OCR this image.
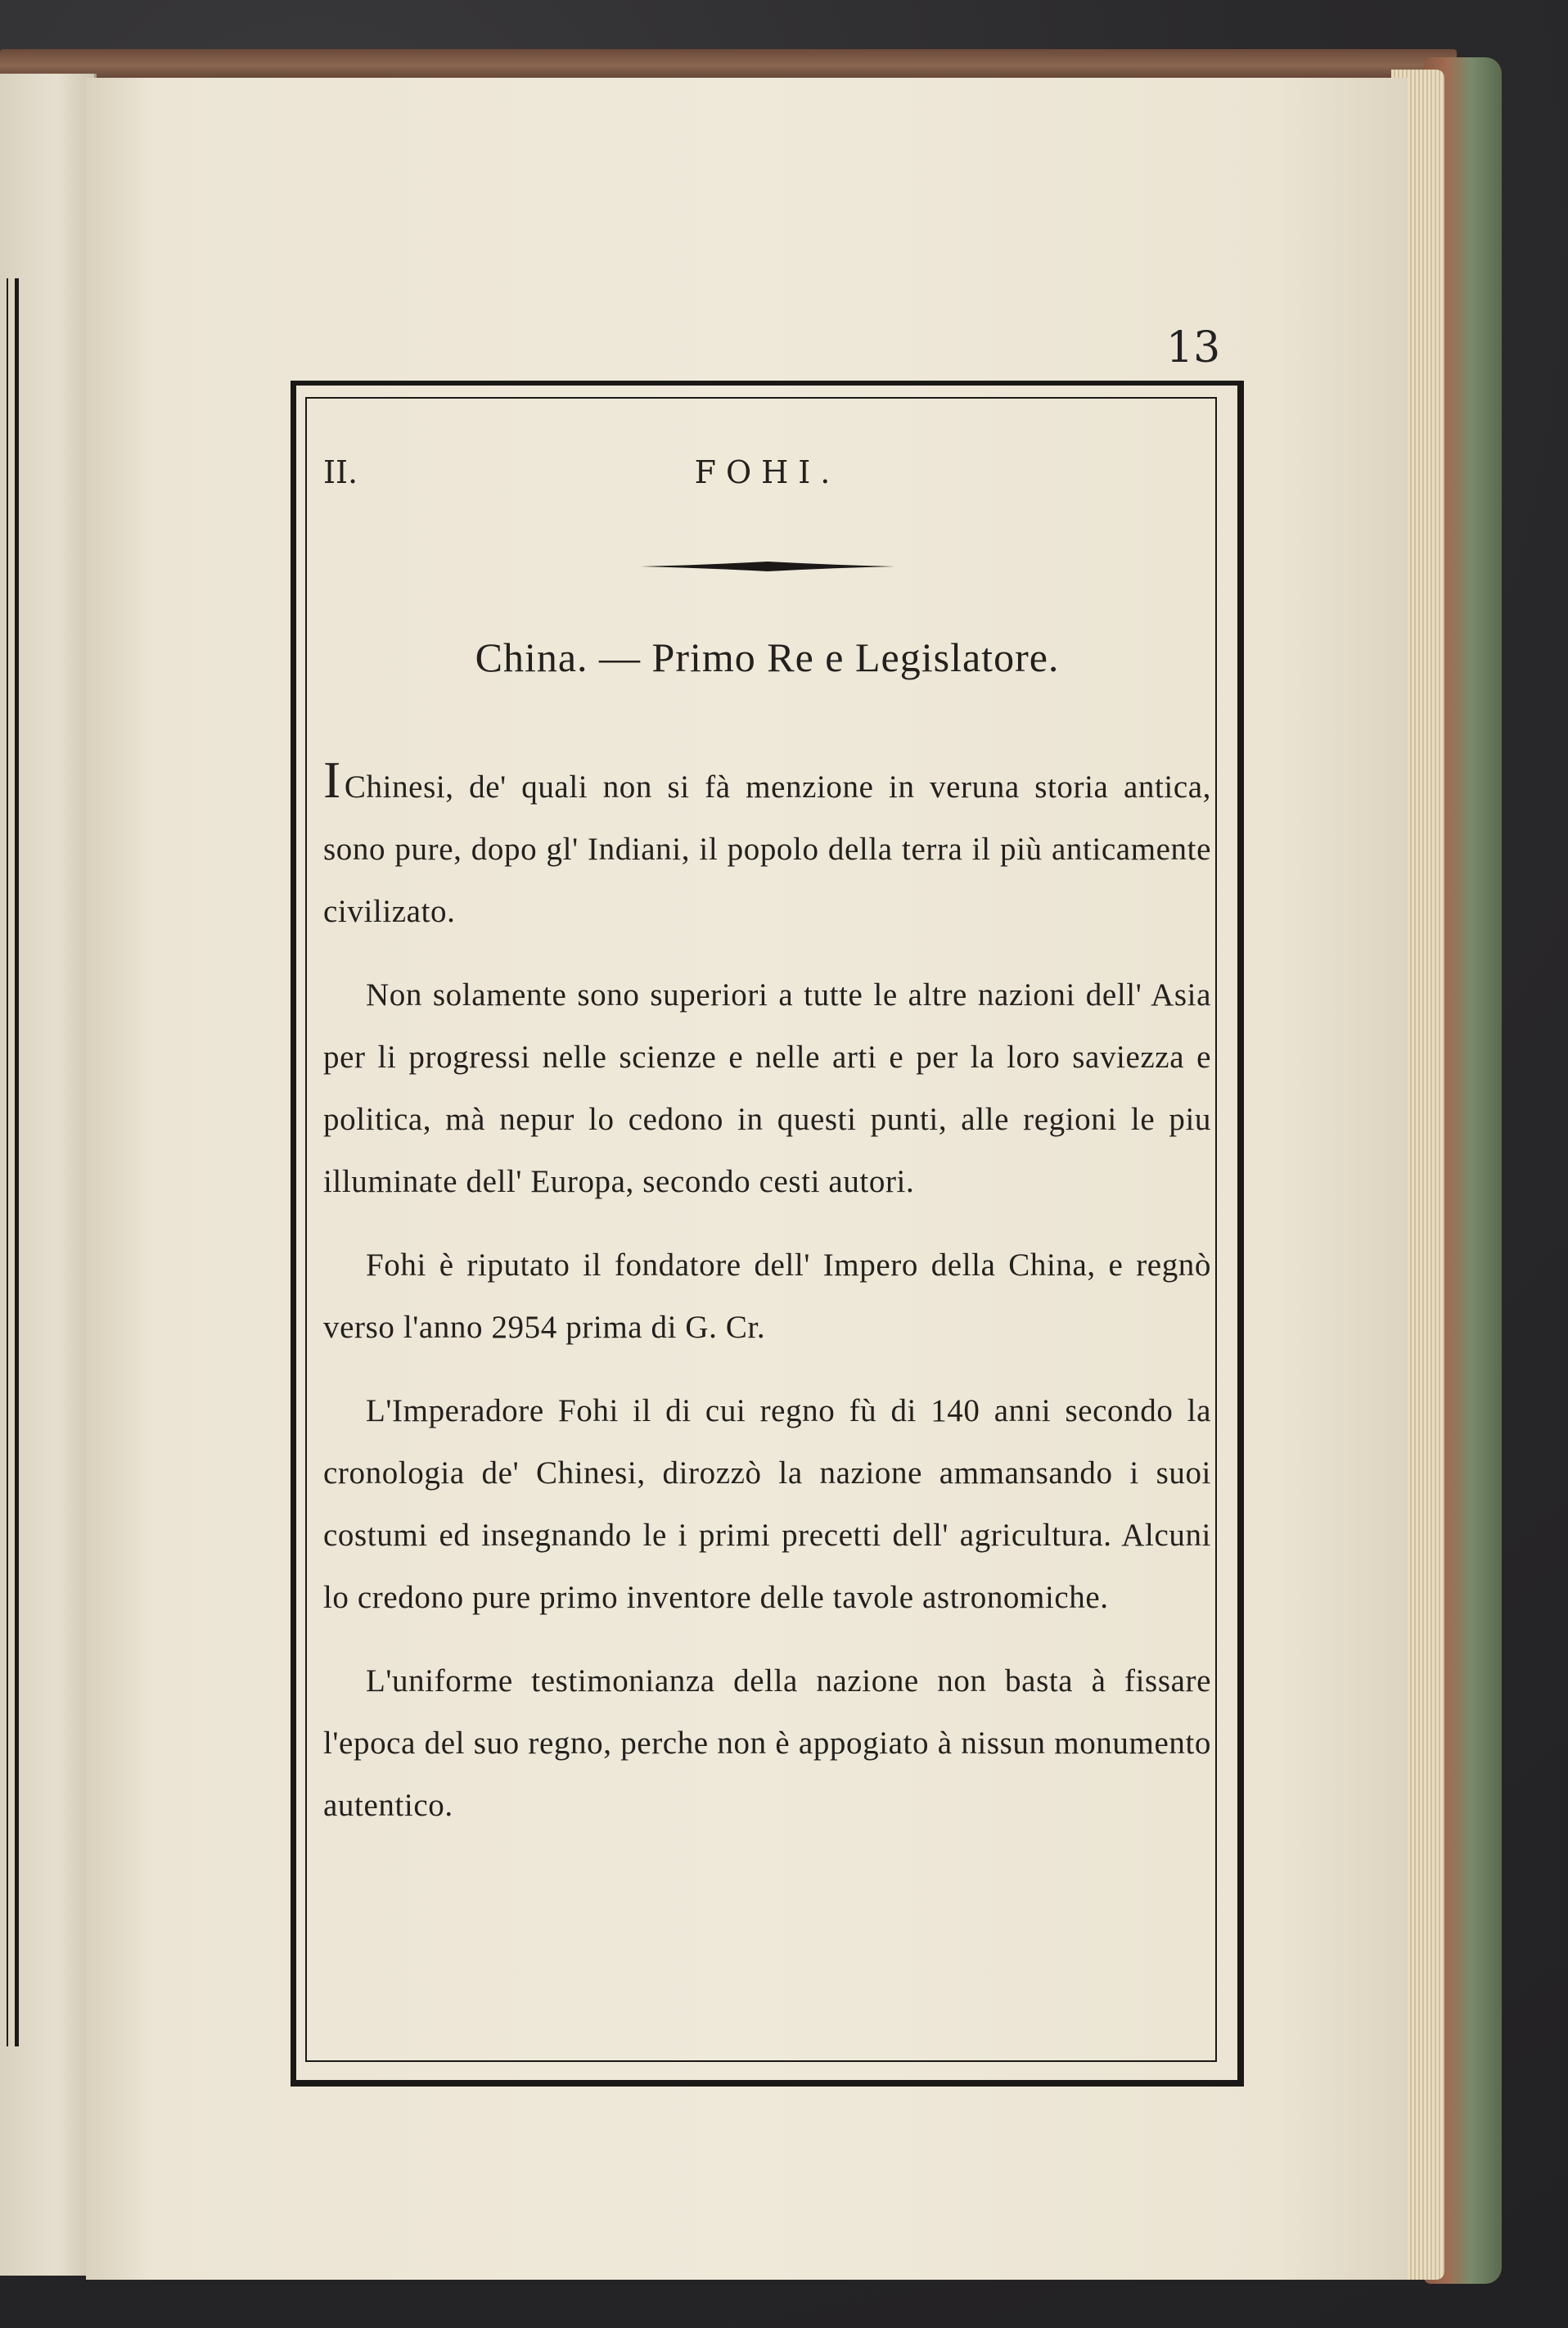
13
II.	FOHI.
China. — Primo Re e Legislatore.

I Chinesi, de' quali non si fà menzione in veruna storia antica, sono pure, dopo gl' Indiani, il popolo della terra il più anticamente civilizato.

Non solamente sono superiori a tutte le altre nazioni dell' Asia per li progressi nelle scienze e nelle arti e per la loro saviezza e politica, mà nepur lo cedono in questi punti, alle regioni le piu illuminate dell' Europa, secondo cesti autori.

Fohi è riputato il fondatore dell' Impero della China, e regnò verso l'anno 2954 prima di G. Cr.

L'Imperadore Fohi il di cui regno fù di 140 anni secondo la cronologia de' Chinesi, dirozzò la nazione ammansando i suoi costumi ed insegnando le i primi precetti dell' agricultura. Alcuni lo credono pure primo inventore delle tavole astronomiche.

L'uniforme testimonianza della nazione non basta à fissare l'epoca del suo regno, perche non è appogiato à nissun monumento autentico.
